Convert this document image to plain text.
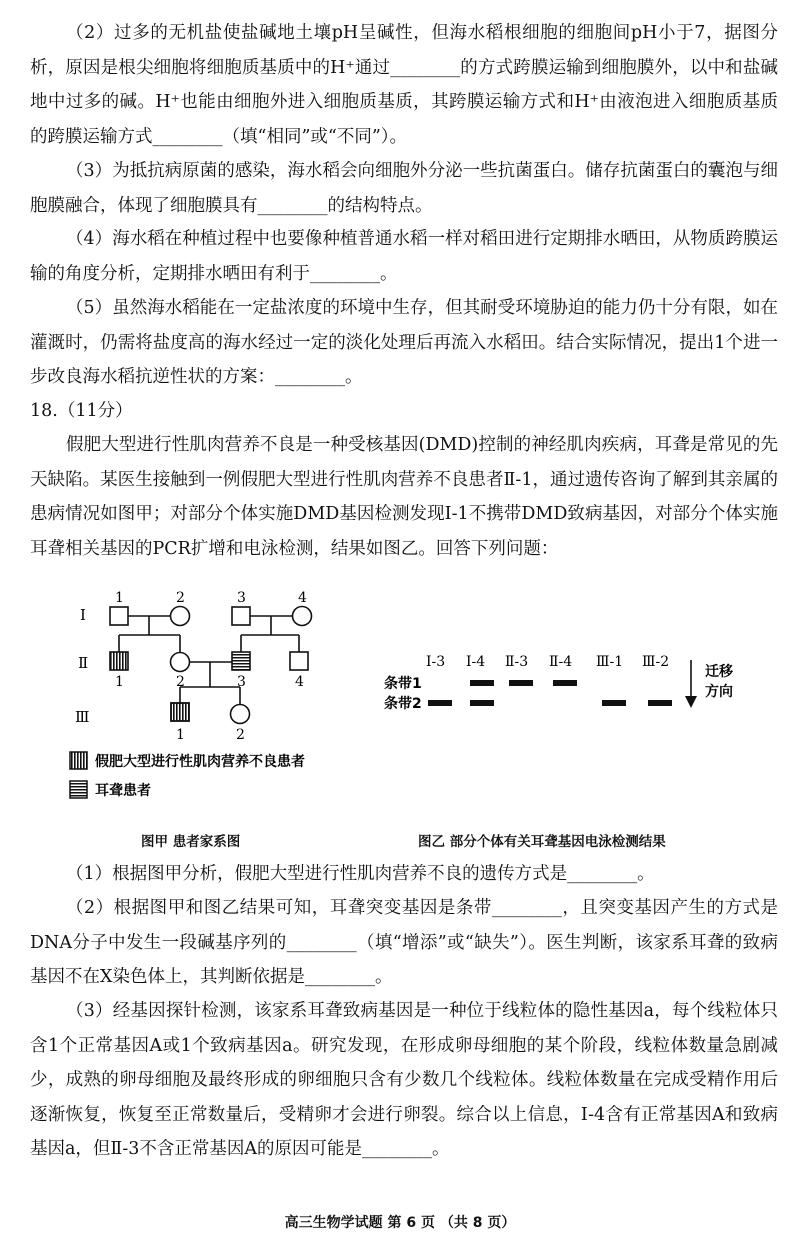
（2）过多的无机盐使盐碱地土壤pH呈碱性，但海水稻根细胞的细胞间pH小于7，据图分析，原因是根尖细胞将细胞质基质中的H⁺通过________的方式跨膜运输到细胞膜外，以中和盐碱地中过多的碱。H⁺也能由细胞外进入细胞质基质，其跨膜运输方式和H⁺由液泡进入细胞质基质的跨膜运输方式________（填“相同”或“不同”）。

（3）为抵抗病原菌的感染，海水稻会向细胞外分泌一些抗菌蛋白。储存抗菌蛋白的囊泡与细胞膜融合，体现了细胞膜具有________的结构特点。

（4）海水稻在种植过程中也要像种植普通水稻一样对稻田进行定期排水晒田，从物质跨膜运输的角度分析，定期排水晒田有利于________。

（5）虽然海水稻能在一定盐浓度的环境中生存，但其耐受环境胁迫的能力仍十分有限，如在灌溉时，仍需将盐度高的海水经过一定的淡化处理后再流入水稻田。结合实际情况，提出1个进一步改良海水稻抗逆性状的方案：________。

18.（11分）

假肥大型进行性肌肉营养不良是一种受核基因(DMD)控制的神经肌肉疾病，耳聋是常见的先天缺陷。某医生接触到一例假肥大型进行性肌肉营养不良患者Ⅱ-1，通过遗传咨询了解到其亲属的患病情况如图甲；对部分个体实施DMD基因检测发现Ⅰ-1不携带DMD致病基因，对部分个体实施耳聋相关基因的PCR扩增和电泳检测，结果如图乙。回答下列问题：

Ⅰ
Ⅱ
Ⅲ
1	2	3	4
1	2	3	4
1	2
假肥大型进行性肌肉营养不良患者
耳聋患者
Ⅰ-3 Ⅰ-4 Ⅱ-3 Ⅱ-4 Ⅲ-1 Ⅲ-2
条带1
条带2
迁移
方向
图甲 患者家系图	图乙 部分个体有关耳聋基因电泳检测结果

（1）根据图甲分析，假肥大型进行性肌肉营养不良的遗传方式是________。

（2）根据图甲和图乙结果可知，耳聋突变基因是条带________，且突变基因产生的方式是DNA分子中发生一段碱基序列的________（填“增添”或“缺失”）。医生判断，该家系耳聋的致病基因不在X染色体上，其判断依据是________。

（3）经基因探针检测，该家系耳聋致病基因是一种位于线粒体的隐性基因a，每个线粒体只含1个正常基因A或1个致病基因a。研究发现，在形成卵母细胞的某个阶段，线粒体数量急剧减少，成熟的卵母细胞及最终形成的卵细胞只含有少数几个线粒体。线粒体数量在完成受精作用后逐渐恢复，恢复至正常数量后，受精卵才会进行卵裂。综合以上信息，Ⅰ-4含有正常基因A和致病基因a，但Ⅱ-3不含正常基因A的原因可能是________。

高三生物学试题 第 6 页 （共 8 页）
